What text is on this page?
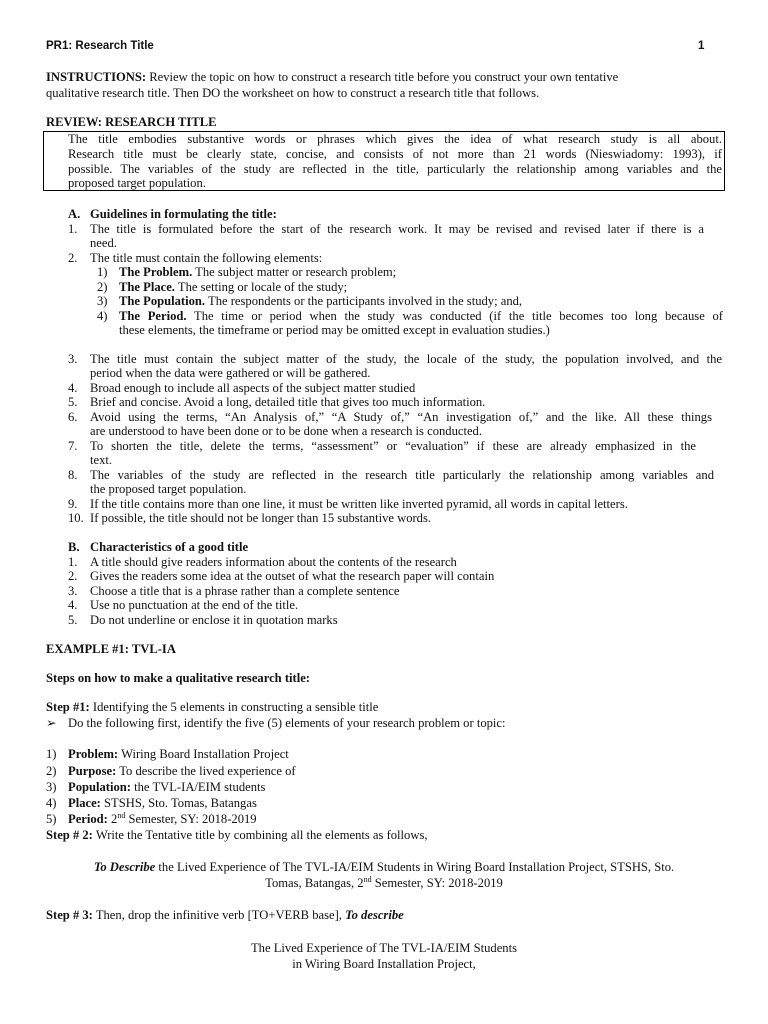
PR1: Research Title	1
INSTRUCTIONS: Review the topic on how to construct a research title before you construct your own tentative
qualitative research title. Then DO the worksheet on how to construct a research title that follows.
REVIEW: RESEARCH TITLE
The title embodies substantive words or phrases which gives the idea of what research study is all about.
Research title must be clearly state, concise, and consists of not more than 21 words (Nieswiadomy: 1993), if
possible. The variables of the study are reflected in the title, particularly the relationship among variables and the
proposed target population.
A. Guidelines in formulating the title:
1. The title is formulated before the start of the research work. It may be revised and revised later if there is a
need.
2. The title must contain the following elements:
1) The Problem. The subject matter or research problem;
2) The Place. The setting or locale of the study;
3) The Population. The respondents or the participants involved in the study; and,
4) The Period. The time or period when the study was conducted (if the title becomes too long because of
these elements, the timeframe or period may be omitted except in evaluation studies.)
3. The title must contain the subject matter of the study, the locale of the study, the population involved, and the
period when the data were gathered or will be gathered.
4. Broad enough to include all aspects of the subject matter studied
5. Brief and concise. Avoid a long, detailed title that gives too much information.
6. Avoid using the terms, “An Analysis of,” “A Study of,” “An investigation of,” and the like. All these things
are understood to have been done or to be done when a research is conducted.
7. To shorten the title, delete the terms, “assessment” or “evaluation” if these are already emphasized in the
text.
8. The variables of the study are reflected in the research title particularly the relationship among variables and
the proposed target population.
9. If the title contains more than one line, it must be written like inverted pyramid, all words in capital letters.
10. If possible, the title should not be longer than 15 substantive words.
B. Characteristics of a good title
1. A title should give readers information about the contents of the research
2. Gives the readers some idea at the outset of what the research paper will contain
3. Choose a title that is a phrase rather than a complete sentence
4. Use no punctuation at the end of the title.
5. Do not underline or enclose it in quotation marks
EXAMPLE #1: TVL-IA
Steps on how to make a qualitative research title:
Step #1: Identifying the 5 elements in constructing a sensible title
➢ Do the following first, identify the five (5) elements of your research problem or topic:
1) Problem: Wiring Board Installation Project
2) Purpose: To describe the lived experience of
3) Population: the TVL-IA/EIM students
4) Place: STSHS, Sto. Tomas, Batangas
5) Period: 2nd Semester, SY: 2018-2019
Step # 2: Write the Tentative title by combining all the elements as follows,
To Describe the Lived Experience of The TVL-IA/EIM Students in Wiring Board Installation Project, STSHS, Sto.
Tomas, Batangas, 2nd Semester, SY: 2018-2019
Step # 3: Then, drop the infinitive verb [TO+VERB base], To describe
The Lived Experience of The TVL-IA/EIM Students
in Wiring Board Installation Project,
